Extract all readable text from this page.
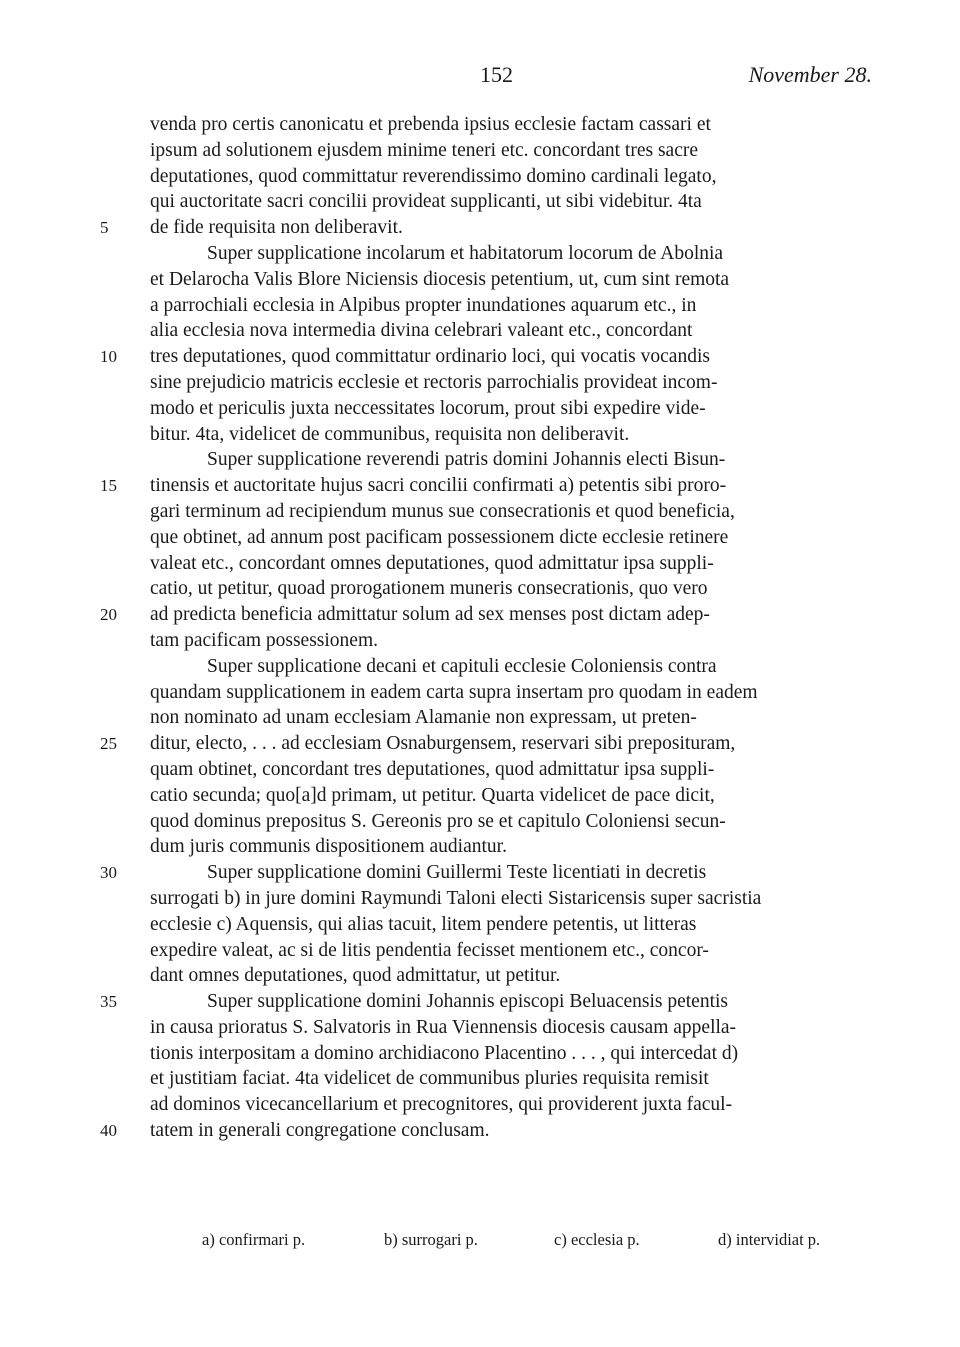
152	November 28.
venda pro certis canonicatu et prebenda ipsius ecclesie factam cassari et
ipsum ad solutionem ejusdem minime teneri etc. concordant tres sacre
deputationes, quod committatur reverendissimo domino cardinali legato,
qui auctoritate sacri concilii provideat supplicanti, ut sibi videbitur. 4ta
5 de fide requisita non deliberavit.
Super supplicatione incolarum et habitatorum locorum de Abolnia
et Delarocha Valis Blore Niciensis diocesis petentium, ut, cum sint remota
a parrochiali ecclesia in Alpibus propter inundationes aquarum etc., in
alia ecclesia nova intermedia divina celebrari valeant etc., concordant
10 tres deputationes, quod committatur ordinario loci, qui vocatis vocandis
sine prejudicio matricis ecclesie et rectoris parrochialis provideat incom-
modo et periculis juxta neccessitates locorum, prout sibi expedire vide-
bitur. 4ta, videlicet de communibus, requisita non deliberavit.
Super supplicatione reverendi patris domini Johannis electi Bisun-
15 tinensis et auctoritate hujus sacri concilii confirmati a) petentis sibi proro-
gari terminum ad recipiendum munus sue consecrationis et quod beneficia,
que obtinet, ad annum post pacificam possessionem dicte ecclesie retinere
valeat etc., concordant omnes deputationes, quod admittatur ipsa suppli-
catio, ut petitur, quoad prorogationem muneris consecrationis, quo vero
20 ad predicta beneficia admittatur solum ad sex menses post dictam adep-
tam pacificam possessionem.
Super supplicatione decani et capituli ecclesie Coloniensis contra
quandam supplicationem in eadem carta supra insertam pro quodam in eadem
non nominato ad unam ecclesiam Alamanie non expressam, ut preten-
25 ditur, electo, . . . ad ecclesiam Osnaburgensem, reservari sibi preposituram,
quam obtinet, concordant tres deputationes, quod admittatur ipsa suppli-
catio secunda; quo[a]d primam, ut petitur. Quarta videlicet de pace dicit,
quod dominus prepositus S. Gereonis pro se et capitulo Coloniensi secun-
dum juris communis dispositionem audiantur.
30	Super supplicatione domini Guillermi Teste licentiati in decretis
surrogati b) in jure domini Raymundi Taloni electi Sistaricensis super sacristia
ecclesie c) Aquensis, qui alias tacuit, litem pendere petentis, ut litteras
expedire valeat, ac si de litis pendentia fecisset mentionem etc., concor-
dant omnes deputationes, quod admittatur, ut petitur.
35	Super supplicatione domini Johannis episcopi Beluacensis petentis
in causa prioratus S. Salvatoris in Rua Viennensis diocesis causam appella-
tionis interpositam a domino archidiacono Placentino . . . , qui intercedat d)
et justitiam faciat. 4ta videlicet de communibus pluries requisita remisit
ad dominos vicecancellarium et precognitores, qui providerent juxta facul-
40 tatem in generali congregatione conclusam.
a) confirmari p.	b) surrogari p.	c) ecclesia p.	d) intervidiat p.
